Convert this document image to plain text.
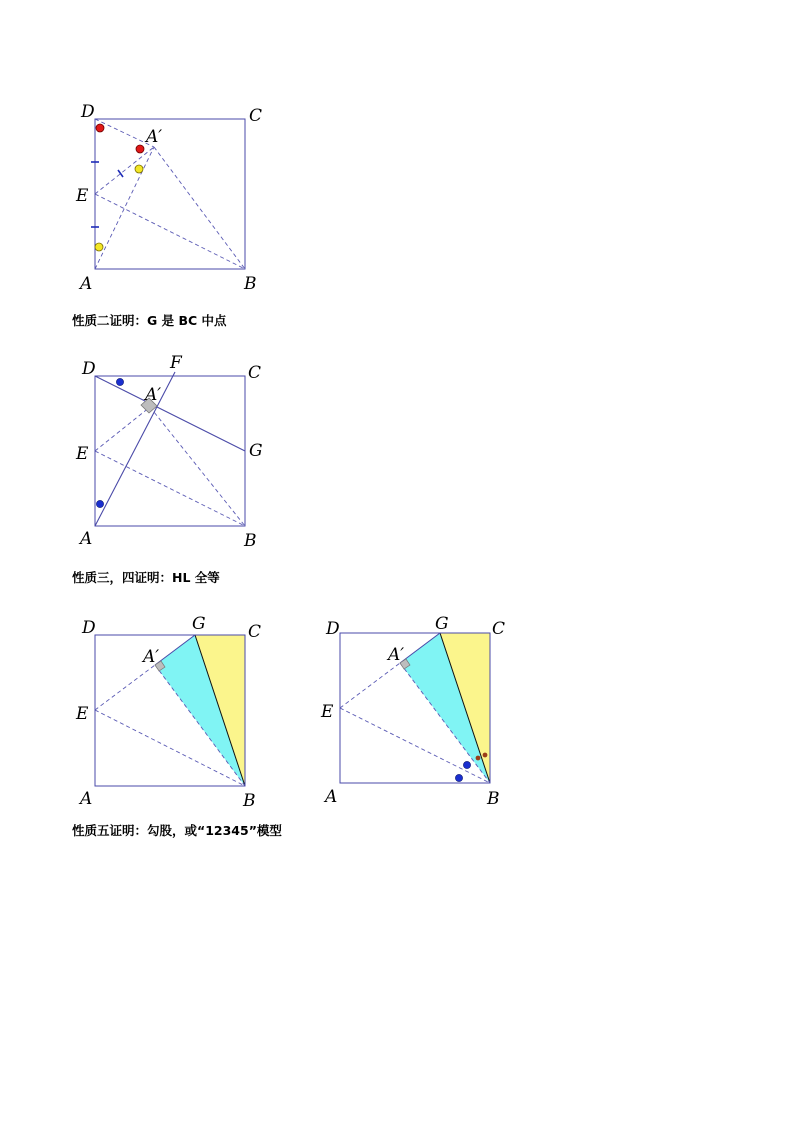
D	C
A′
E
A	B
D	F	C
A′
E	G
A	B
D	G C
A′
E
A	B
D	G	C
A′
E
A	B
性质二证明：G 是 BC 中点
性质三，四证明：HL 全等
性质五证明：勾股，或“12345”模型
